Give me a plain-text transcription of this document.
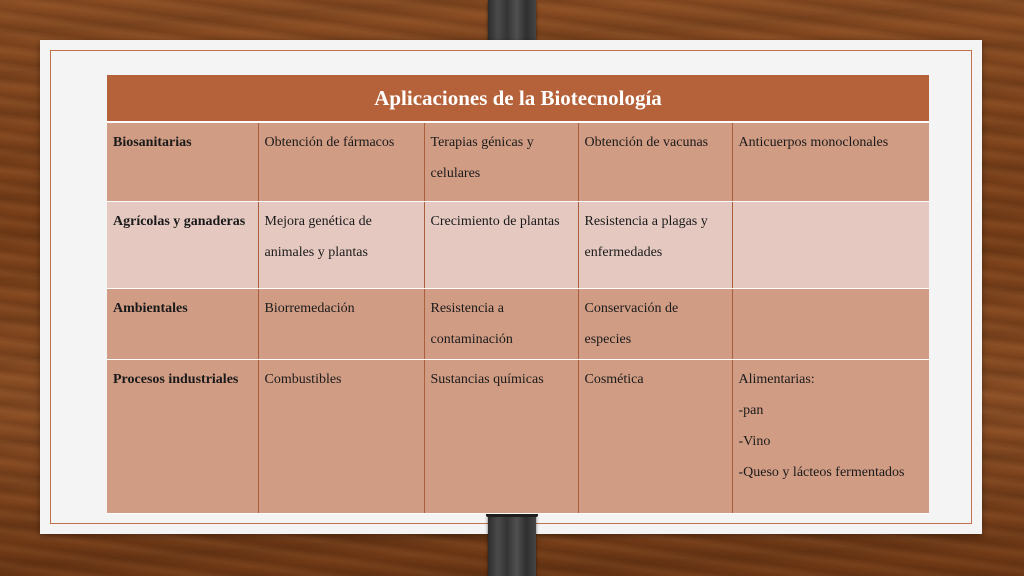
Aplicaciones de la Biotecnología				
Biosanitarias	Obtención de fármacos	Terapias génicas y celulares	Obtención de vacunas	Anticuerpos monoclonales
Agrícolas y ganaderas	Mejora genética de animales y plantas	Crecimiento de plantas	Resistencia a plagas y enfermedades	
Ambientales	Biorremedación	Resistencia a contaminación	Conservación de especies	
Procesos industriales	Combustibles	Sustancias químicas	Cosmética	Alimentarias:
-pan
-Vino
-Queso y lácteos fermentados
